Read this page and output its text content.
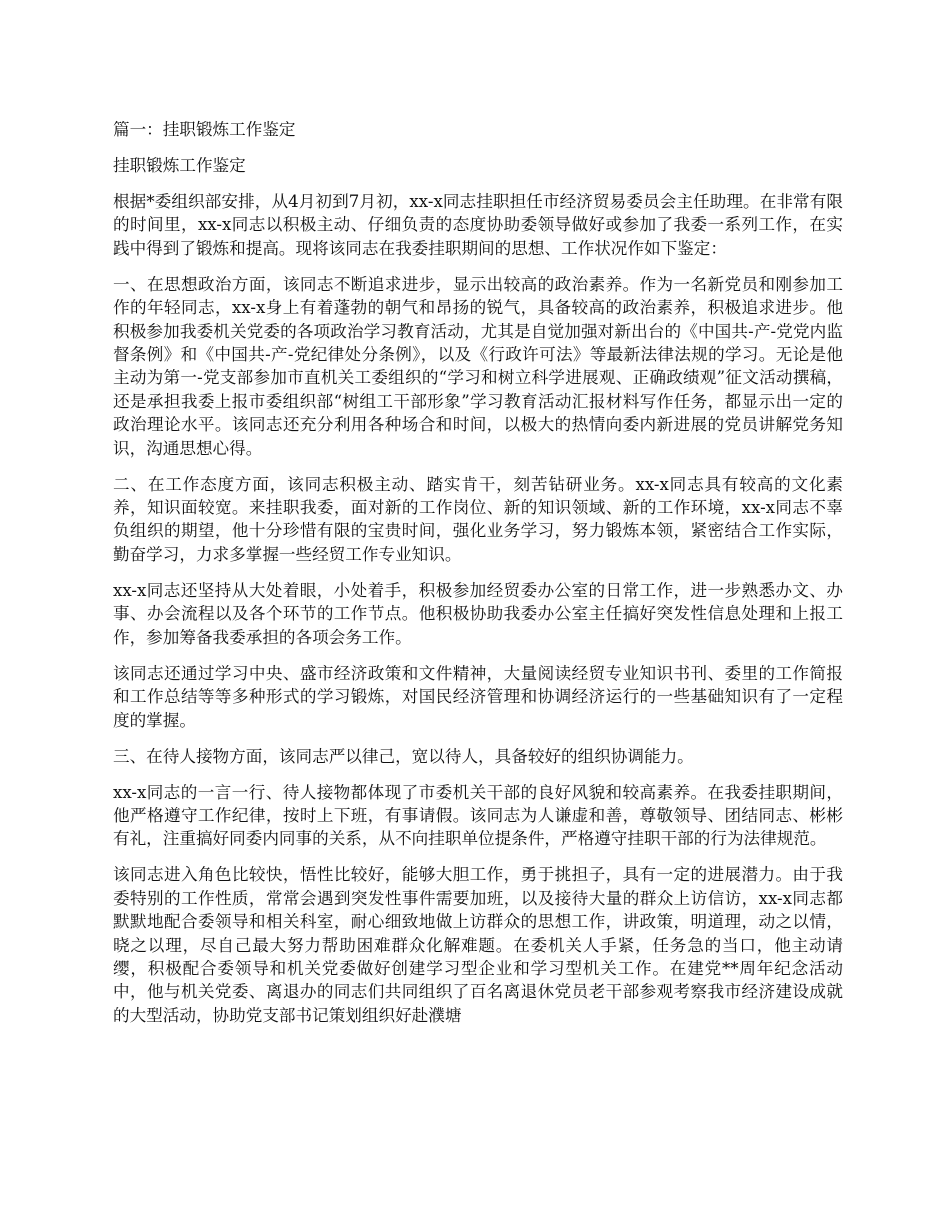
篇一：挂职锻炼工作鉴定

挂职锻炼工作鉴定

根据*委组织部安排，从4月初到7月初，xx-x同志挂职担任市经济贸易委员会主任助理。在非常有限的时间里，xx-x同志以积极主动、仔细负责的态度协助委领导做好或参加了我委一系列工作，在实践中得到了锻炼和提高。现将该同志在我委挂职期间的思想、工作状况作如下鉴定：

一、在思想政治方面，该同志不断追求进步，显示出较高的政治素养。作为一名新党员和刚参加工作的年轻同志，xx-x身上有着蓬勃的朝气和昂扬的锐气，具备较高的政治素养，积极追求进步。他积极参加我委机关党委的各项政治学习教育活动，尤其是自觉加强对新出台的《中国共-产-党党内监督条例》和《中国共-产-党纪律处分条例》，以及《行政许可法》等最新法律法规的学习。无论是他主动为第一-党支部参加市直机关工委组织的“学习和树立科学进展观、正确政绩观”征文活动撰稿，还是承担我委上报市委组织部“树组工干部形象”学习教育活动汇报材料写作任务，都显示出一定的政治理论水平。该同志还充分利用各种场合和时间，以极大的热情向委内新进展的党员讲解党务知识，沟通思想心得。

二、在工作态度方面，该同志积极主动、踏实肯干，刻苦钻研业务。xx-x同志具有较高的文化素养，知识面较宽。来挂职我委，面对新的工作岗位、新的知识领域、新的工作环境，xx-x同志不辜负组织的期望，他十分珍惜有限的宝贵时间，强化业务学习，努力锻炼本领，紧密结合工作实际，勤奋学习，力求多掌握一些经贸工作专业知识。

xx-x同志还坚持从大处着眼，小处着手，积极参加经贸委办公室的日常工作，进一步熟悉办文、办事、办会流程以及各个环节的工作节点。他积极协助我委办公室主任搞好突发性信息处理和上报工作，参加筹备我委承担的各项会务工作。

该同志还通过学习中央、盛市经济政策和文件精神，大量阅读经贸专业知识书刊、委里的工作简报和工作总结等等多种形式的学习锻炼，对国民经济管理和协调经济运行的一些基础知识有了一定程度的掌握。

三、在待人接物方面，该同志严以律己，宽以待人，具备较好的组织协调能力。

xx-x同志的一言一行、待人接物都体现了市委机关干部的良好风貌和较高素养。在我委挂职期间，他严格遵守工作纪律，按时上下班，有事请假。该同志为人谦虚和善，尊敬领导、团结同志、彬彬有礼，注重搞好同委内同事的关系，从不向挂职单位提条件，严格遵守挂职干部的行为法律规范。

该同志进入角色比较快，悟性比较好，能够大胆工作，勇于挑担子，具有一定的进展潜力。由于我委特别的工作性质，常常会遇到突发性事件需要加班，以及接待大量的群众上访信访，xx-x同志都默默地配合委领导和相关科室，耐心细致地做上访群众的思想工作，讲政策，明道理，动之以情，晓之以理，尽自己最大努力帮助困难群众化解难题。在委机关人手紧，任务急的当口，他主动请缨，积极配合委领导和机关党委做好创建学习型企业和学习型机关工作。在建党**周年纪念活动中，他与机关党委、离退办的同志们共同组织了百名离退休党员老干部参观考察我市经济建设成就的大型活动，协助党支部书记策划组织好赴濮塘
